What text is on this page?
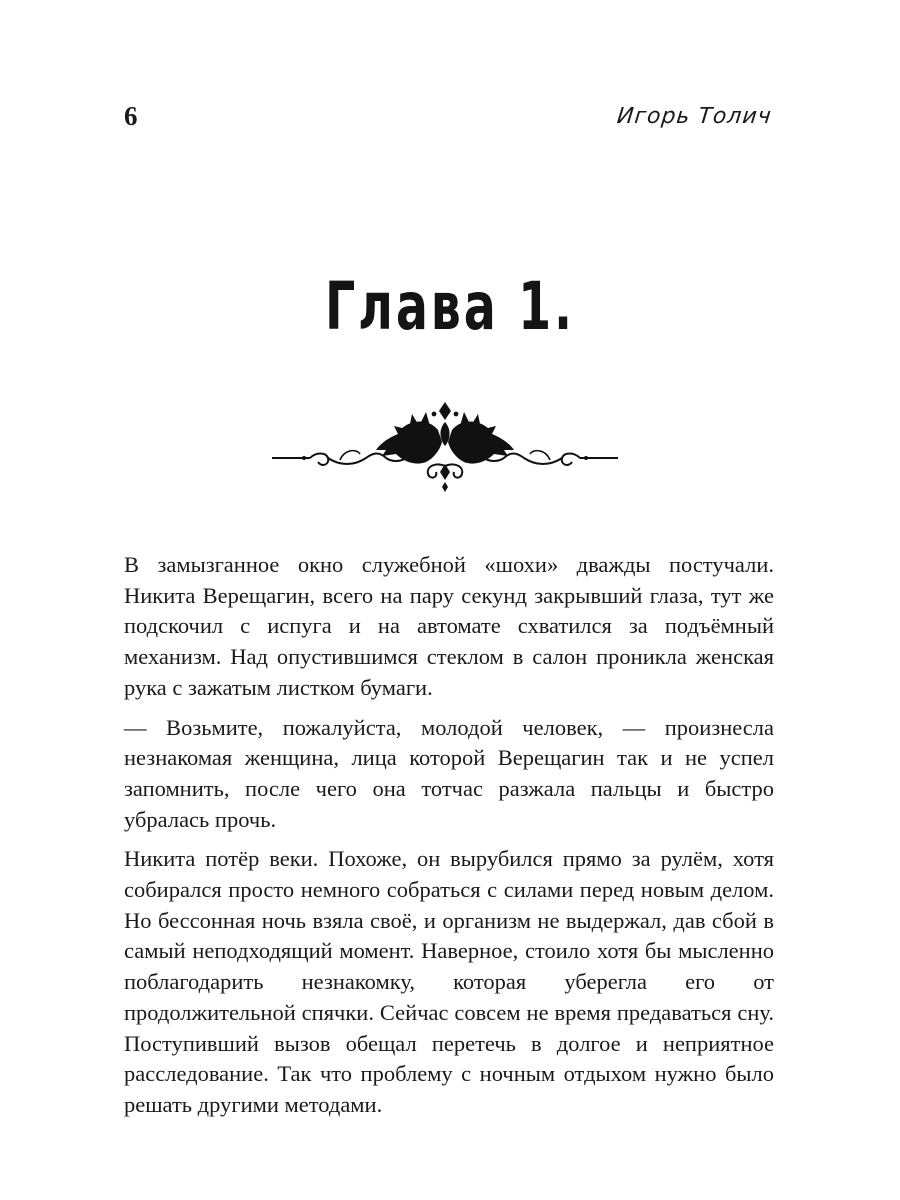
6	Игорь Толич
Глава 1.

В замызганное окно служебной «шохи» дважды постучали. Никита Верещагин, всего на пару секунд закрывший глаза, тут же подскочил с испуга и на автомате схватился за подъёмный механизм. Над опустившимся стеклом в салон проникла женская рука с зажатым листком бумаги.

— Возьмите, пожалуйста, молодой человек, — произнесла незнакомая женщина, лица которой Верещагин так и не успел запомнить, после чего она тотчас разжала пальцы и быстро убралась прочь.

Никита потёр веки. Похоже, он вырубился прямо за рулём, хотя собирался просто немного собраться с силами перед новым делом. Но бессонная ночь взяла своё, и организм не выдержал, дав сбой в самый неподходящий момент. Наверное, стоило хотя бы мысленно поблагодарить незнакомку, которая уберегла его от продолжительной спячки. Сейчас совсем не время предаваться сну. Поступивший вызов обещал перетечь в долгое и неприятное расследование. Так что проблему с ночным отдыхом нужно было решать другими методами.
